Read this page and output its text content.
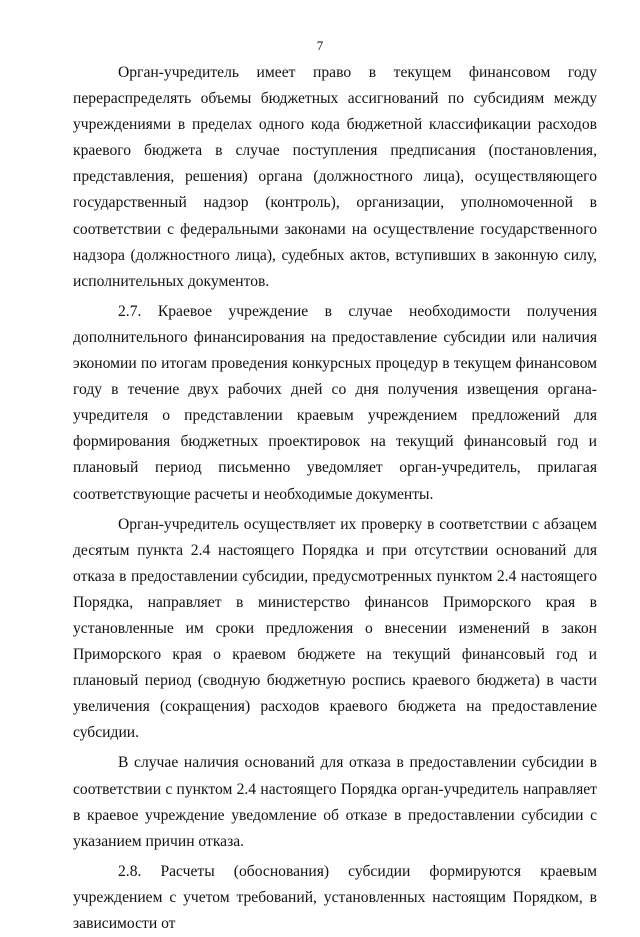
7

Орган-учредитель имеет право в текущем финансовом году перераспределять объемы бюджетных ассигнований по субсидиям между учреждениями в пределах одного кода бюджетной классификации расходов краевого бюджета в случае поступления предписания (постановления, представления, решения) органа (должностного лица), осуществляющего государственный надзор (контроль), организации, уполномоченной в соответствии с федеральными законами на осуществление государственного надзора (должностного лица), судебных актов, вступивших в законную силу, исполнительных документов.

2.7. Краевое учреждение в случае необходимости получения дополнительного финансирования на предоставление субсидии или наличия экономии по итогам проведения конкурсных процедур в текущем финансовом году в течение двух рабочих дней со дня получения извещения органа-учредителя о представлении краевым учреждением предложений для формирования бюджетных проектировок на текущий финансовый год и плановый период письменно уведомляет орган-учредитель, прилагая соответствующие расчеты и необходимые документы.

Орган-учредитель осуществляет их проверку в соответствии с абзацем десятым пункта 2.4 настоящего Порядка и при отсутствии оснований для отказа в предоставлении субсидии, предусмотренных пунктом 2.4 настоящего Порядка, направляет в министерство финансов Приморского края в установленные им сроки предложения о внесении изменений в закон Приморского края о краевом бюджете на текущий финансовый год и плановый период (сводную бюджетную роспись краевого бюджета) в части увеличения (сокращения) расходов краевого бюджета на предоставление субсидии.

В случае наличия оснований для отказа в предоставлении субсидии в соответствии с пунктом 2.4 настоящего Порядка орган-учредитель направляет в краевое учреждение уведомление об отказе в предоставлении субсидии с указанием причин отказа.

2.8. Расчеты (обоснования) субсидии формируются краевым учреждением с учетом требований, установленных настоящим Порядком, в зависимости от
